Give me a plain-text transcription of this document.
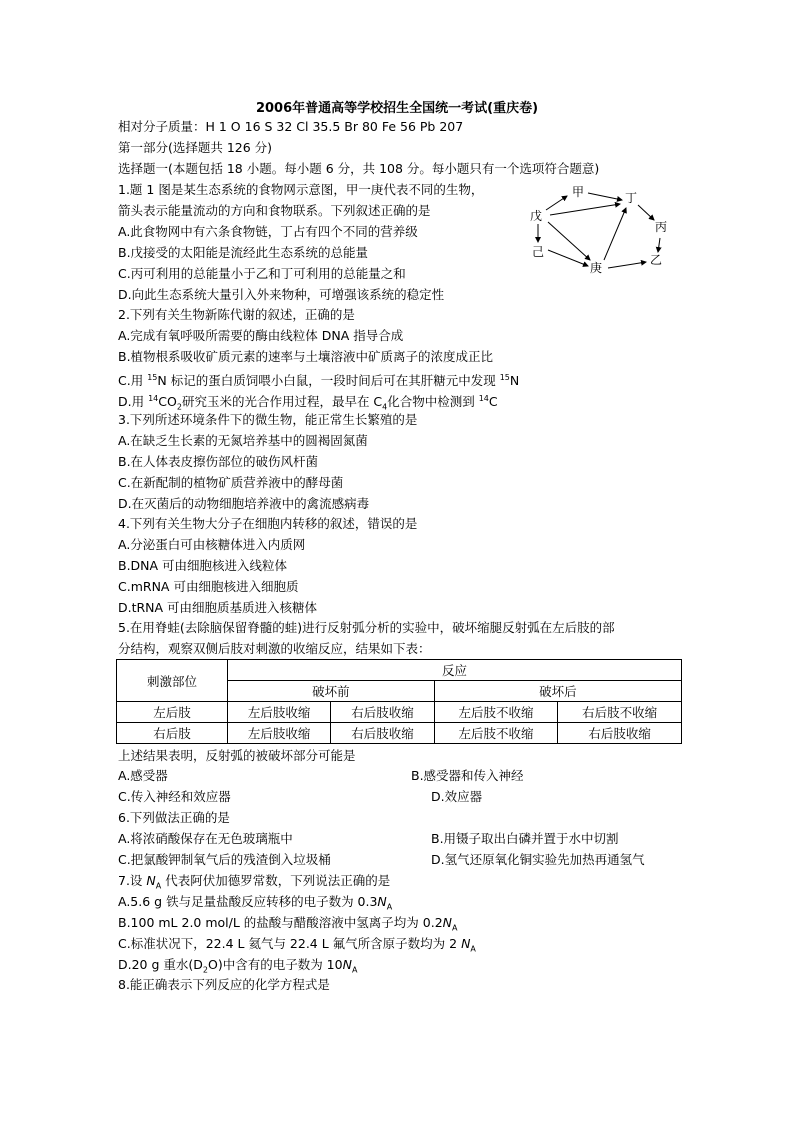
2006年普通高等学校招生全国统一考试(重庆卷)
相对分子质量：H 1 O 16 S 32 Cl 35.5 Br 80 Fe 56 Pb 207
第一部分(选择题共 126 分)
选择题一(本题包括 18 小题。每小题 6 分，共 108 分。每小题只有一个选项符合题意)
1.题 1 图是某生态系统的食物网示意图，甲一庚代表不同的生物，
箭头表示能量流动的方向和食物联系。下列叙述正确的是
A.此食物网中有六条食物链，丁占有四个不同的营养级
B.戊接受的太阳能是流经此生态系统的总能量
C.丙可利用的总能量小于乙和丁可利用的总能量之和
D.向此生态系统大量引入外来物种，可增强该系统的稳定性
甲	丁
戊
丙
己
庚
乙
2.下列有关生物新陈代谢的叙述，正确的是
A.完成有氧呼吸所需要的酶由线粒体 DNA 指导合成
B.植物根系吸收矿质元素的速率与土壤溶液中矿质离子的浓度成正比
C.用 $^{15}$N 标记的蛋白质饲喂小白鼠，一段时间后可在其肝糖元中发现 $^{15}$N
D.用 $^{14}CO_2$研究玉米的光合作用过程，最早在 $C_4$化合物中检测到 $^{14}$C
3.下列所述环境条件下的微生物，能正常生长繁殖的是
A.在缺乏生长素的无氮培养基中的圆褐固氮菌
B.在人体表皮擦伤部位的破伤风杆菌
C.在新配制的植物矿质营养液中的酵母菌
D.在灭菌后的动物细胞培养液中的禽流感病毒
4.下列有关生物大分子在细胞内转移的叙述，错误的是
A.分泌蛋白可由核糖体进入内质网
B.DNA 可由细胞核进入线粒体
C.mRNA 可由细胞核进入细胞质
D.tRNA 可由细胞质基质进入核糖体
5.在用脊蛙(去除脑保留脊髓的蛙)进行反射弧分析的实验中，破坏缩腿反射弧在左后肢的部
分结构，观察双侧后肢对刺激的收缩反应，结果如下表：
刺激部位	反应			
	破坏前		破坏后	
左后肢	左后肢收缩	右后肢收缩	左后肢不收缩	右后肢不收缩
右后肢	左后肢收缩	右后肢收缩	左后肢不收缩	右后肢收缩
上述结果表明，反射弧的被破坏部分可能是
A.感受器	B.感受器和传入神经
C.传入神经和效应器	D.效应器
6.下列做法正确的是
A.将浓硝酸保存在无色玻璃瓶中	B.用镊子取出白磷并置于水中切割
C.把氯酸钾制氧气后的残渣倒入垃圾桶	D.氢气还原氧化铜实验先加热再通氢气
7.设 $N_A$ 代表阿伏加德罗常数，下列说法正确的是
A.5.6 g 铁与足量盐酸反应转移的电子数为 $0.3N_A$
B.100 mL 2.0 mol/L 的盐酸与醋酸溶液中氢离子均为 $0.2N_A$
C.标准状况下，22.4 L 氦气与 22.4 L 氟气所含原子数均为 2 $N_A$
D.20 g 重水$(D_2O)$中含有的电子数为 $10N_A$
8.能正确表示下列反应的化学方程式是
